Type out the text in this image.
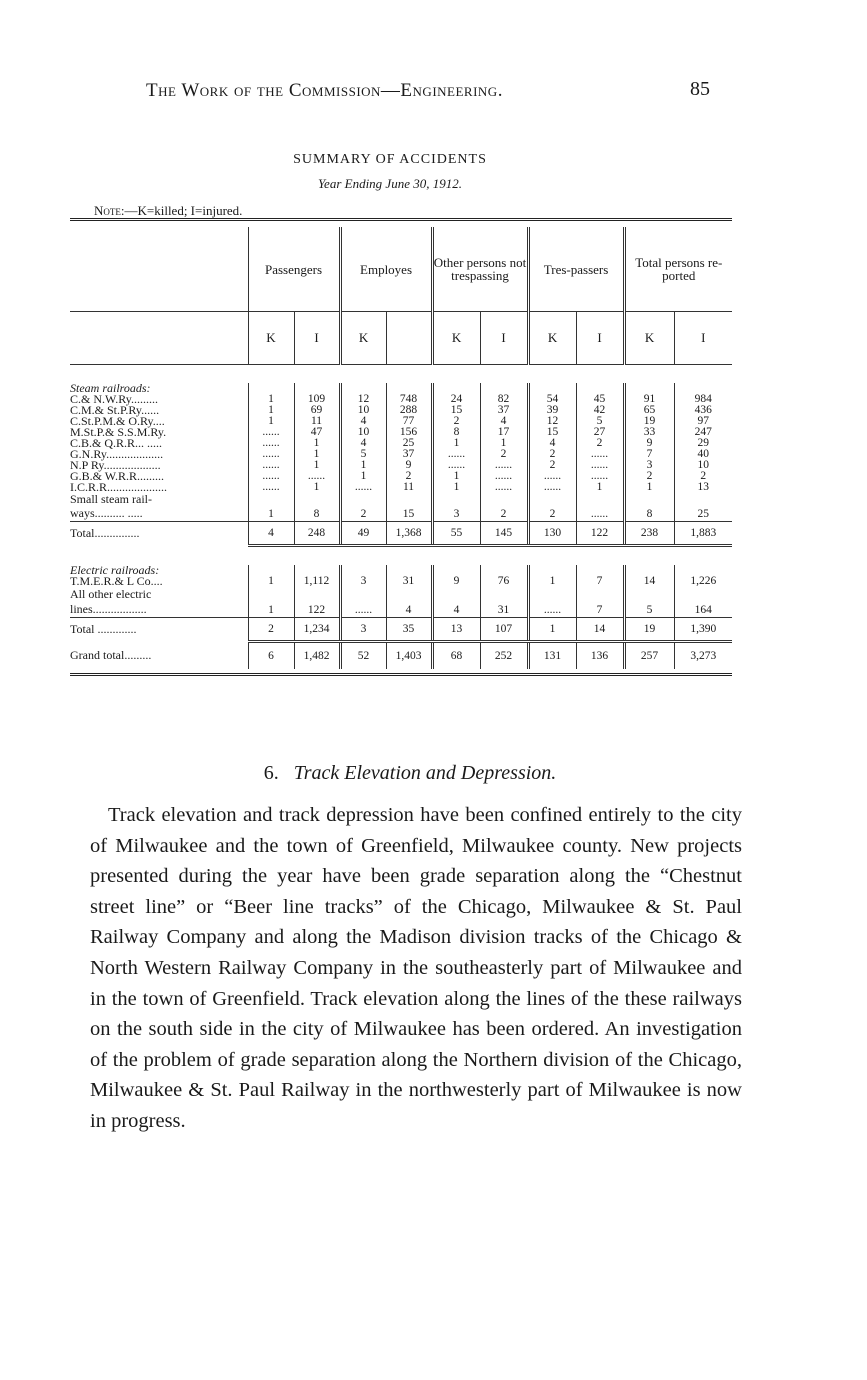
The Work of the Commission—Engineering.	85
SUMMARY OF ACCIDENTS
Year Ending June 30, 1912.
Note:—K=killed; I=injured.
	Passengers		Employes		Other persons not trespassing		Tres-passers		Total persons re-ported	
	K	I	K		K	I	K	I	K	I

Steam railroads:										
C.& N.W.Ry.........	1	109	12	748	24	82	54	45	91	984
C.M.& St.P.Ry......	1	69	10	288	15	37	39	42	65	436
C.St.P.M.& O.Ry....	1	11	4	77	2	4	12	5	19	97
M.St.P.& S.S.M.Ry.	......	47	10	156	8	17	15	27	33	247
C.B.& Q.R.R... .....	......	1	4	25	1	1	4	2	9	29
G.N.Ry...................	......	1	5	37	......	2	2	......	7	40
N.P Ry...................	......	1	1	9	......	......	2	......	3	10
G.B.& W.R.R.........	......	......	1	2	1	......	......	......	2	2
I.C.R.R....................	......	1	......	11	1	......	......	1	1	13
Small steam rail-										
ways.......... .....	1	8	2	15	3	2	2	......	8	25
Total...............	4	248	49	1,368	55	145	130	122	238	1,883

Electric railroads:										
T.M.E.R.& L Co....	1	1,112	3	31	9	76	1	7	14	1,226
All other electric										
lines..................	1	122	......	4	4	31	......	7	5	164
Total .............	2	1,234	3	35	13	107	1	14	19	1,390
Grand total.........	6	1,482	52	1,403	68	252	131	136	257	3,273
6. Track Elevation and Depression.
Track elevation and track depression have been confined entirely to the city of Milwaukee and the town of Greenfield, Milwaukee county. New projects presented during the year have been grade separation along the “Chestnut street line” or “Beer line tracks” of the Chicago, Milwaukee & St. Paul Railway Company and along the Madison division tracks of the Chicago & North Western Railway Company in the southeasterly part of Milwaukee and in the town of Greenfield. Track elevation along the lines of the these railways on the south side in the city of Milwaukee has been ordered. An investigation of the problem of grade separation along the Northern division of the Chicago, Milwaukee & St. Paul Railway in the northwesterly part of Milwaukee is now in progress.
